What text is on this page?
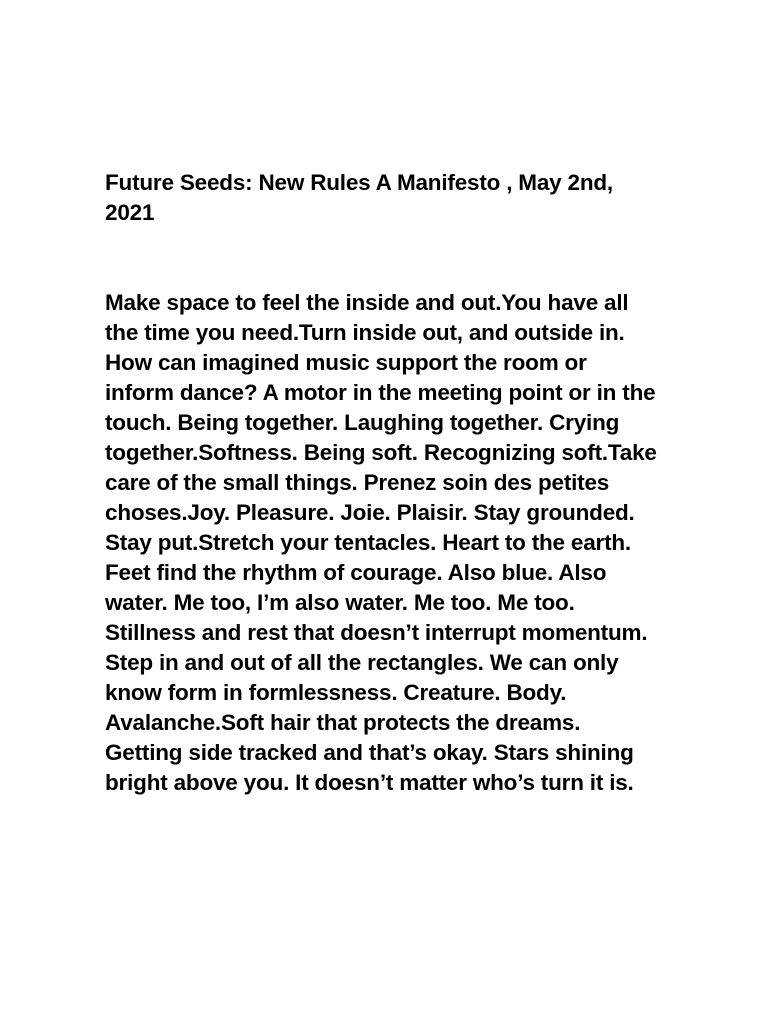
Future Seeds: New Rules A Manifesto , May 2nd, 2021

Make space to feel the inside and out.You have all the time you need.Turn inside out, and outside in. How can imagined music support the room or inform dance? A motor in the meeting point or in the touch. Being together. Laughing together. Crying together.Softness. Being soft. Recognizing soft.Take care of the small things. Prenez soin des petites choses.Joy. Pleasure. Joie. Plaisir. Stay grounded. Stay put.Stretch your tentacles. Heart to the earth. Feet find the rhythm of courage. Also blue. Also water. Me too, I’m also water. Me too. Me too. Stillness and rest that doesn’t interrupt momentum. Step in and out of all the rectangles. We can only know form in formlessness. Creature. Body. Avalanche.Soft hair that protects the dreams. Getting side tracked and that’s okay. Stars shining bright above you. It doesn’t matter who’s turn it is.
